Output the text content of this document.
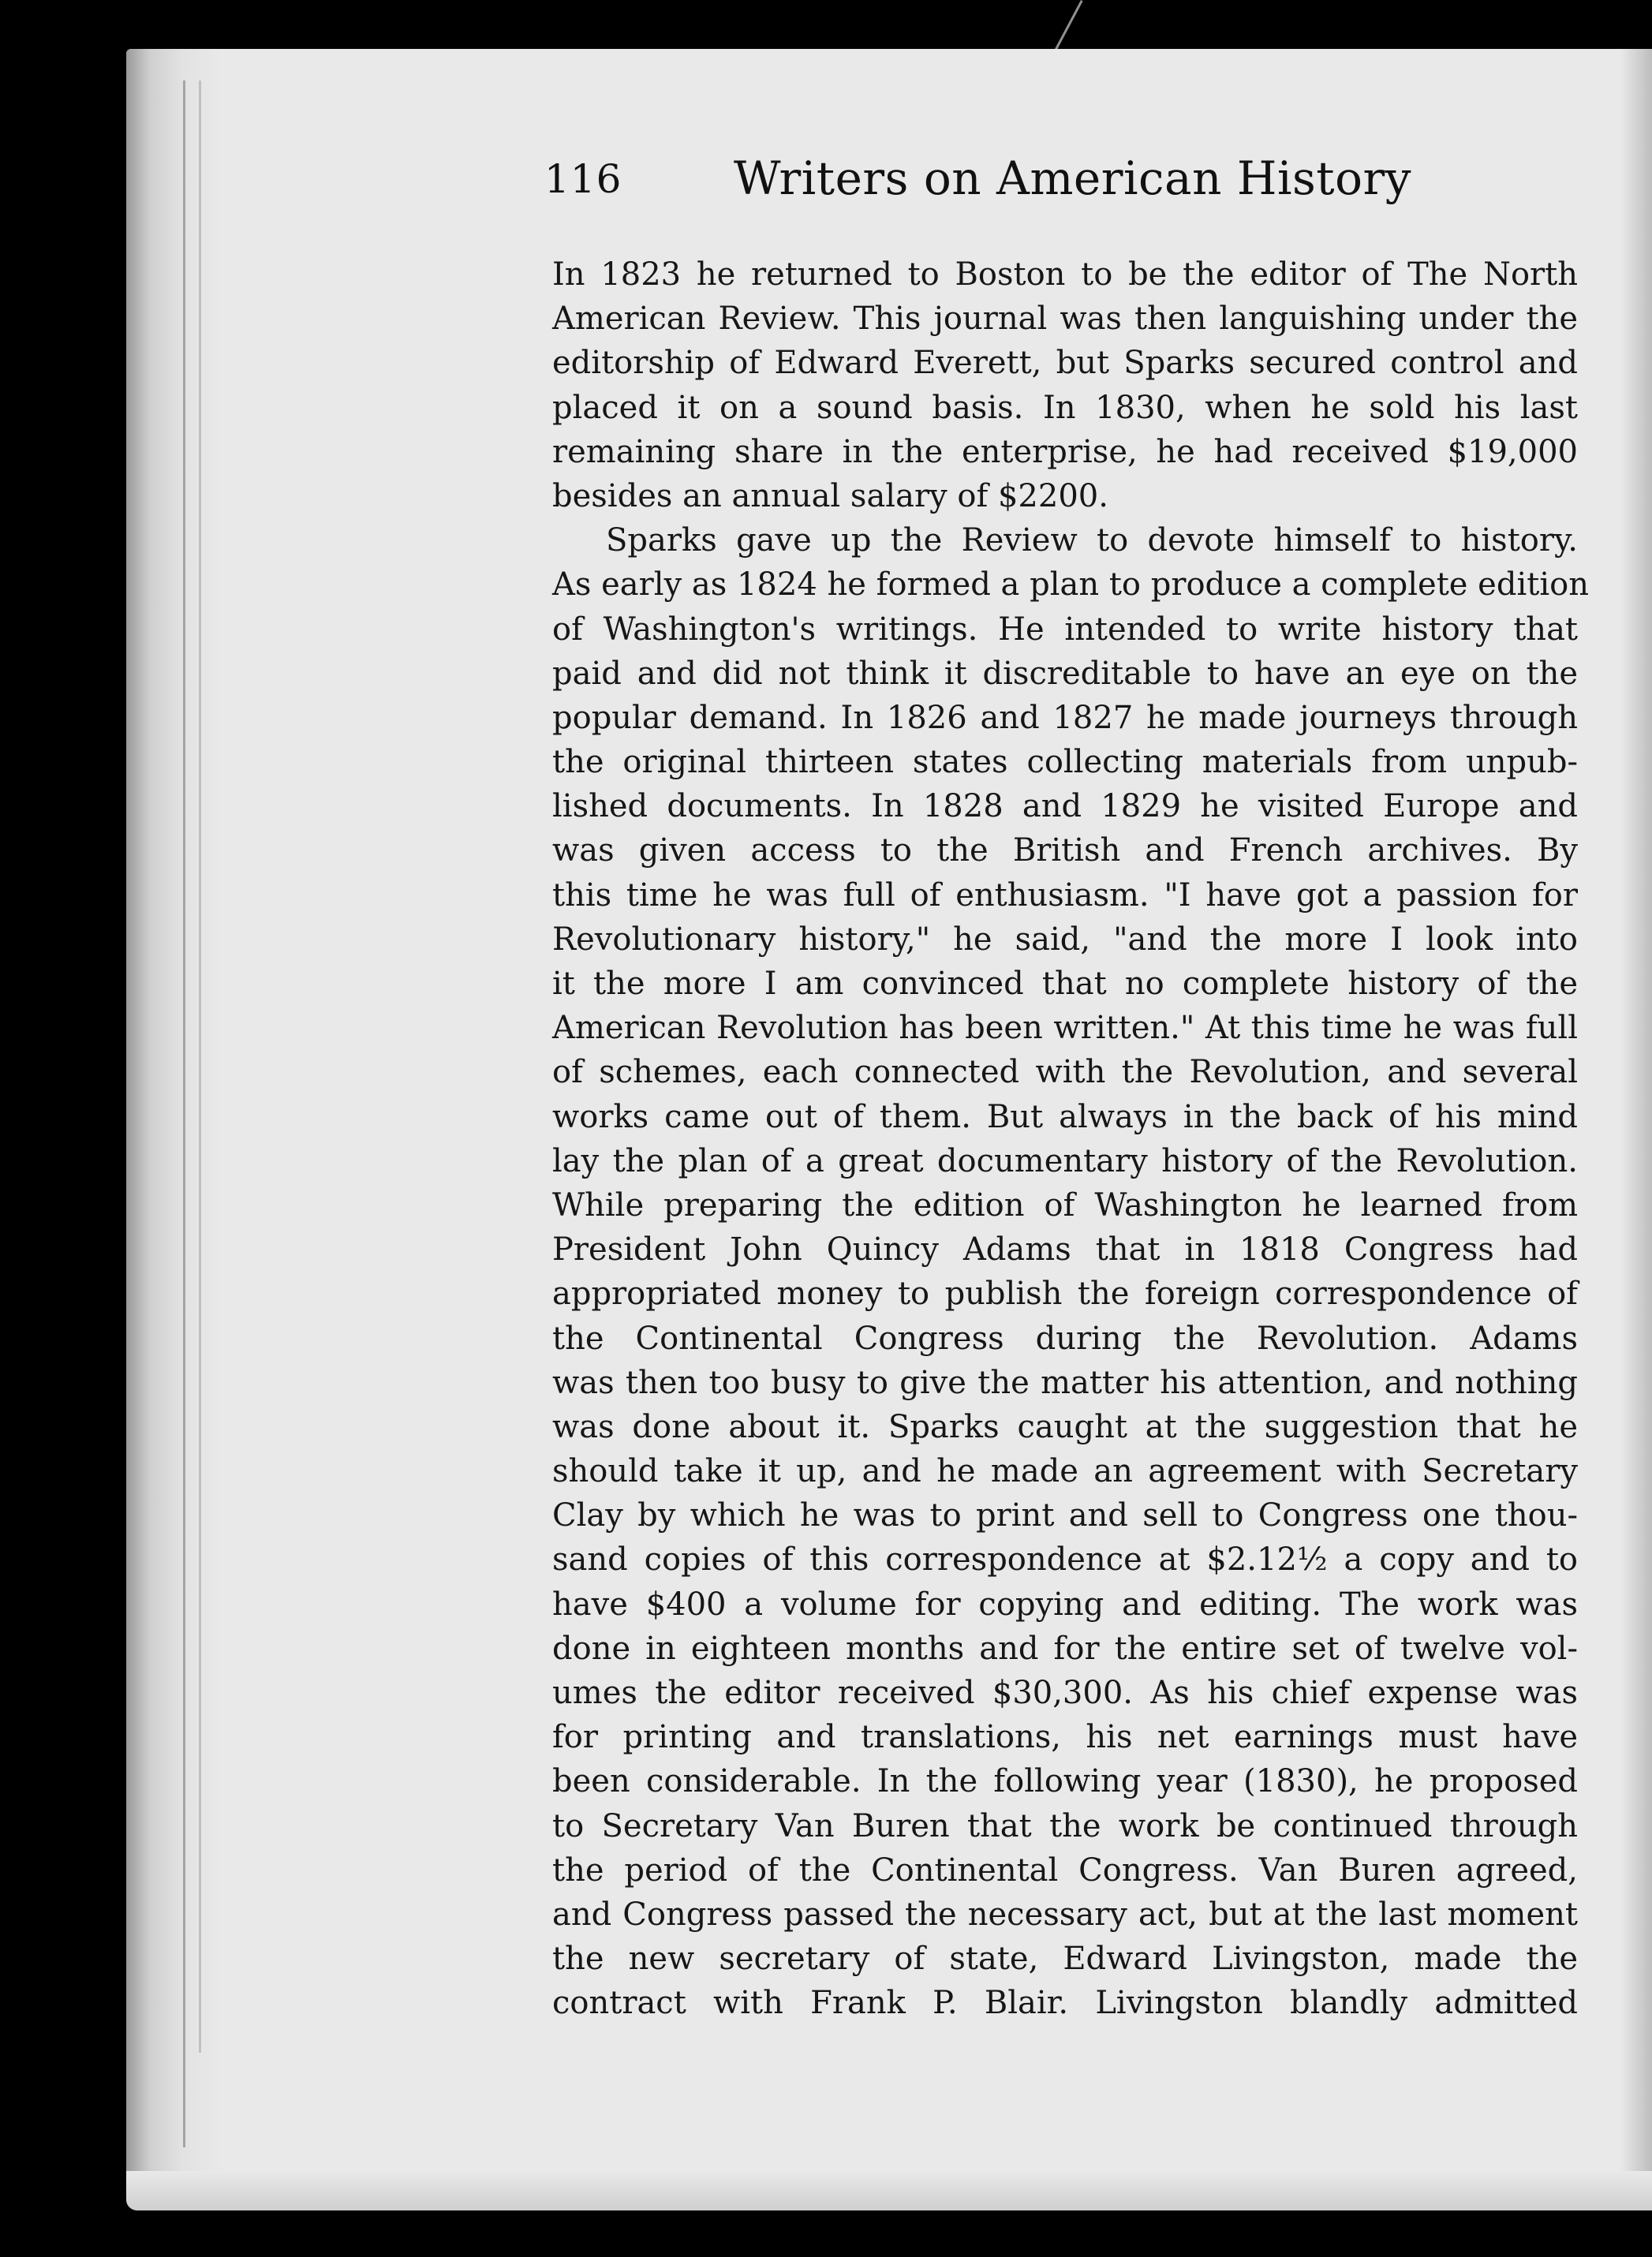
116 Writers on American History
In 1823 he returned to Boston to be the editor of The North
American Review. This journal was then languishing under the
editorship of Edward Everett, but Sparks secured control and
placed it on a sound basis. In 1830, when he sold his last
remaining share in the enterprise, he had received $19,000
besides an annual salary of $2200.
Sparks gave up the Review to devote himself to history.
As early as 1824 he formed a plan to produce a complete edition
of Washington's writings. He intended to write history that
paid and did not think it discreditable to have an eye on the
popular demand. In 1826 and 1827 he made journeys through
the original thirteen states collecting materials from unpub-
lished documents. In 1828 and 1829 he visited Europe and
was given access to the British and French archives. By
this time he was full of enthusiasm. "I have got a passion for
Revolutionary history," he said, "and the more I look into
it the more I am convinced that no complete history of the
American Revolution has been written." At this time he was full
of schemes, each connected with the Revolution, and several
works came out of them. But always in the back of his mind
lay the plan of a great documentary history of the Revolution.
While preparing the edition of Washington he learned from
President John Quincy Adams that in 1818 Congress had
appropriated money to publish the foreign correspondence of
the Continental Congress during the Revolution. Adams
was then too busy to give the matter his attention, and nothing
was done about it. Sparks caught at the suggestion that he
should take it up, and he made an agreement with Secretary
Clay by which he was to print and sell to Congress one thou-
sand copies of this correspondence at $2.12½ a copy and to
have $400 a volume for copying and editing. The work was
done in eighteen months and for the entire set of twelve vol-
umes the editor received $30,300. As his chief expense was
for printing and translations, his net earnings must have
been considerable. In the following year (1830), he proposed
to Secretary Van Buren that the work be continued through
the period of the Continental Congress. Van Buren agreed,
and Congress passed the necessary act, but at the last moment
the new secretary of state, Edward Livingston, made the
contract with Frank P. Blair. Livingston blandly admitted
